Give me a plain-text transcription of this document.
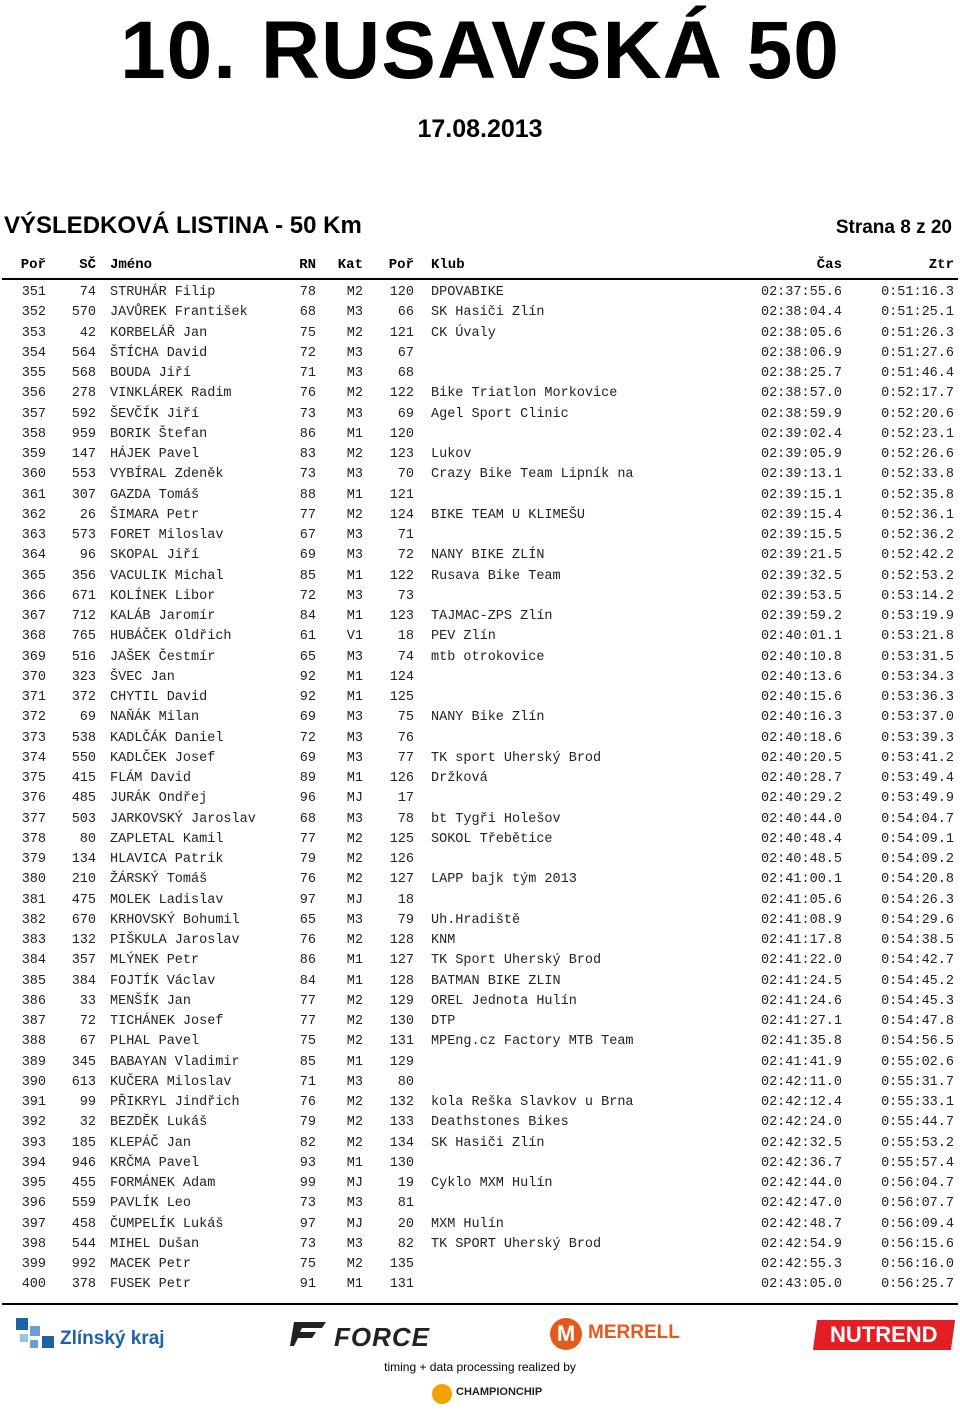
10. RUSAVSKÁ 50
17.08.2013
VÝSLEDKOVÁ LISTINA - 50 Km	Strana 8 z 20
Poř	SČ Jméno	RN	Kat	Poř Klub	Čas	Ztr
351	74 STRUHÁR Filip	78	M2	120 DPOVABIKE	02:37:55.6	0:51:16.3
352	570 JAVŮREK František	68	M3	66 SK Hasiči Zlín	02:38:04.4	0:51:25.1
353	42 KORBELÁŘ Jan	75	M2	121 CK Úvaly	02:38:05.6	0:51:26.3
354	564 ŠTÍCHA David	72	M3	67	02:38:06.9	0:51:27.6
355	568 BOUDA Jiří	71	M3	68	02:38:25.7	0:51:46.4
356	278 VINKLÁREK Radim	76	M2	122 Bike Triatlon Morkovice	02:38:57.0	0:52:17.7
357	592 ŠEVČÍK Jiří	73	M3	69 Agel Sport Clinic	02:38:59.9	0:52:20.6
358	959 BORIK Štefan	86	M1	120	02:39:02.4	0:52:23.1
359	147 HÁJEK Pavel	83	M2	123 Lukov	02:39:05.9	0:52:26.6
360	553 VYBÍRAL Zdeněk	73	M3	70 Crazy Bike Team Lipník na	02:39:13.1	0:52:33.8
361	307 GAZDA Tomáš	88	M1	121	02:39:15.1	0:52:35.8
362	26 ŠIMARA Petr	77	M2	124 BIKE TEAM U KLIMEŠU	02:39:15.4	0:52:36.1
363	573 FORET Miloslav	67	M3	71	02:39:15.5	0:52:36.2
364	96 SKOPAL Jiří	69	M3	72 NANY BIKE ZLÍN	02:39:21.5	0:52:42.2
365	356 VACULIK Michal	85	M1	122 Rusava Bike Team	02:39:32.5	0:52:53.2
366	671 KOLÍNEK Libor	72	M3	73	02:39:53.5	0:53:14.2
367	712 KALÁB Jaromír	84	M1	123 TAJMAC-ZPS Zlín	02:39:59.2	0:53:19.9
368	765 HUBÁČEK Oldřich	61	V1	18 PEV Zlín	02:40:01.1	0:53:21.8
369	516 JAŠEK Čestmír	65	M3	74 mtb otrokovice	02:40:10.8	0:53:31.5
370	323 ŠVEC Jan	92	M1	124	02:40:13.6	0:53:34.3
371	372 CHYTIL David	92	M1	125	02:40:15.6	0:53:36.3
372	69 NAŇÁK Milan	69	M3	75 NANY Bike Zlín	02:40:16.3	0:53:37.0
373	538 KADLČÁK Daniel	72	M3	76	02:40:18.6	0:53:39.3
374	550 KADLČEK Josef	69	M3	77 TK sport Uherský Brod	02:40:20.5	0:53:41.2
375	415 FLÁM David	89	M1	126 Držková	02:40:28.7	0:53:49.4
376	485 JURÁK Ondřej	96	MJ	17	02:40:29.2	0:53:49.9
377	503 JARKOVSKÝ Jaroslav	68	M3	78 bt Tygři Holešov	02:40:44.0	0:54:04.7
378	80 ZAPLETAL Kamil	77	M2	125 SOKOL Třebětice	02:40:48.4	0:54:09.1
379	134 HLAVICA Patrik	79	M2	126	02:40:48.5	0:54:09.2
380	210 ŽÁRSKÝ Tomáš	76	M2	127 LAPP bajk tým 2013	02:41:00.1	0:54:20.8
381	475 MOLEK Ladislav	97	MJ	18	02:41:05.6	0:54:26.3
382	670 KRHOVSKÝ Bohumil	65	M3	79 Uh.Hradiště	02:41:08.9	0:54:29.6
383	132 PIŠKULA Jaroslav	76	M2	128 KNM	02:41:17.8	0:54:38.5
384	357 MLÝNEK Petr	86	M1	127 TK Sport Uherský Brod	02:41:22.0	0:54:42.7
385	384 FOJTÍK Václav	84	M1	128 BATMAN BIKE ZLIN	02:41:24.5	0:54:45.2
386	33 MENŠÍK Jan	77	M2	129 OREL Jednota Hulín	02:41:24.6	0:54:45.3
387	72 TICHÁNEK Josef	77	M2	130 DTP	02:41:27.1	0:54:47.8
388	67 PLHAL Pavel	75	M2	131 MPEng.cz Factory MTB Team	02:41:35.8	0:54:56.5
389	345 BABAYAN Vladimir	85	M1	129	02:41:41.9	0:55:02.6
390	613 KUČERA Miloslav	71	M3	80	02:42:11.0	0:55:31.7
391	99 PŘIKRYL Jindřich	76	M2	132 kola Reška Slavkov u Brna	02:42:12.4	0:55:33.1
392	32 BEZDĚK Lukáš	79	M2	133 Deathstones Bikes	02:42:24.0	0:55:44.7
393	185 KLEPÁČ Jan	82	M2	134 SK Hasiči Zlín	02:42:32.5	0:55:53.2
394	946 KRČMA Pavel	93	M1	130	02:42:36.7	0:55:57.4
395	455 FORMÁNEK Adam	99	MJ	19 Cyklo MXM Hulín	02:42:44.0	0:56:04.7
396	559 PAVLÍK Leo	73	M3	81	02:42:47.0	0:56:07.7
397	458 ČUMPELÍK Lukáš	97	MJ	20 MXM Hulín	02:42:48.7	0:56:09.4
398	544 MIHEL Dušan	73	M3	82 TK SPORT Uherský Brod	02:42:54.9	0:56:15.6
399	992 MACEK Petr	75	M2	135	02:42:55.3	0:56:16.0
400	378 FUSEK Petr	91	M1	131	02:43:05.0	0:56:25.7
Zlínský kraj	FORCE	M MERRELL	NUTREND
timing + data processing realized by
CHAMPIONCHIP
